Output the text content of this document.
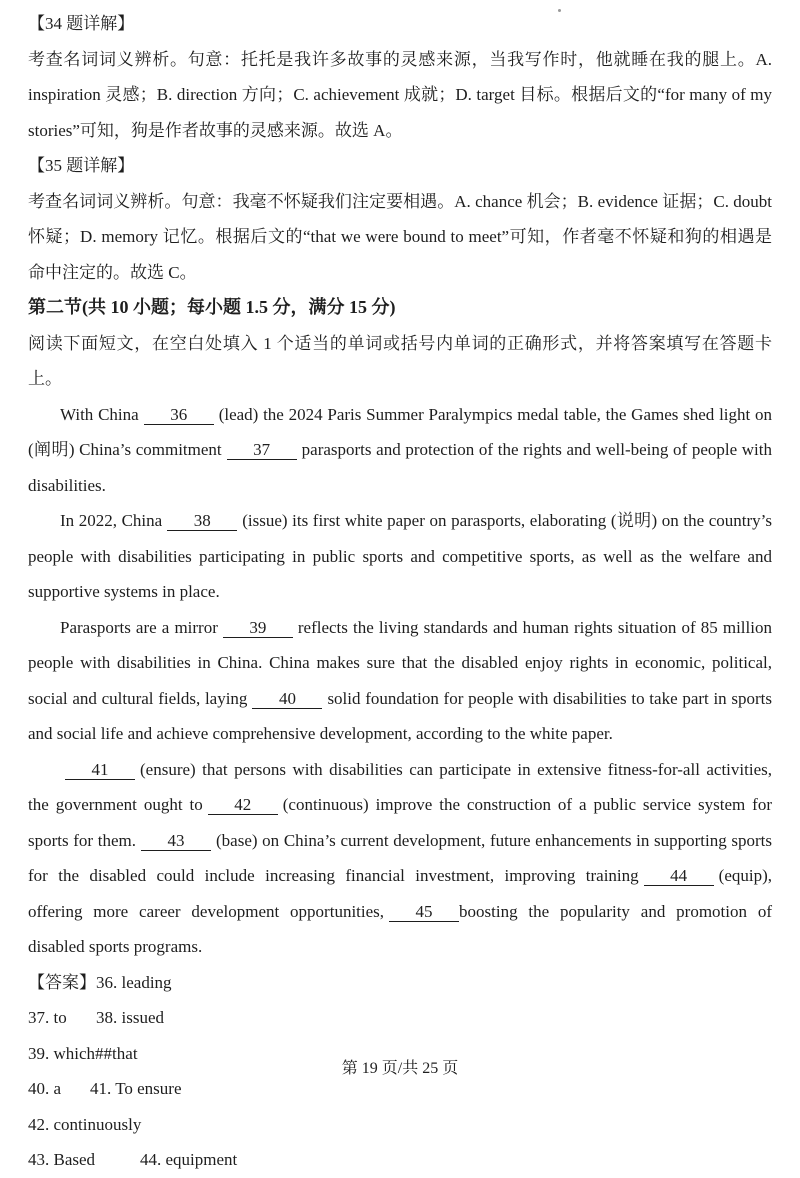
【34 题详解】

考查名词词义辨析。句意：托托是我许多故事的灵感来源，当我写作时，他就睡在我的腿上。A. inspiration 灵感；B. direction 方向；C. achievement 成就；D. target 目标。根据后文的“for many of my stories”可知，狗是作者故事的灵感来源。故选 A。

【35 题详解】

考查名词词义辨析。句意：我毫不怀疑我们注定要相遇。A. chance 机会；B. evidence 证据；C. doubt 怀疑；D. memory 记忆。根据后文的“that we were bound to meet”可知，作者毫不怀疑和狗的相遇是命中注定的。故选 C。

第二节(共 10 小题；每小题 1.5 分，满分 15 分)

阅读下面短文，在空白处填入 1 个适当的单词或括号内单词的正确形式，并将答案填写在答题卡上。

With China 36 (lead) the 2024 Paris Summer Paralympics medal table, the Games shed light on (阐明) China’s commitment 37 parasports and protection of the rights and well-being of people with disabilities.

In 2022, China 38 (issue) its first white paper on parasports, elaborating (说明) on the country’s people with disabilities participating in public sports and competitive sports, as well as the welfare and supportive systems in place.

Parasports are a mirror 39 reflects the living standards and human rights situation of 85 million people with disabilities in China. China makes sure that the disabled enjoy rights in economic, political, social and cultural fields, laying 40 solid foundation for people with disabilities to take part in sports and social life and achieve comprehensive development, according to the white paper.

41 (ensure) that persons with disabilities can participate in extensive fitness-for-all activities, the government ought to 42 (continuous) improve the construction of a public service system for sports for them. 43 (base) on China’s current development, future enhancements in supporting sports for the disabled could include increasing financial investment, improving training 44 (equip), offering more career development opportunities, 45 boosting the popularity and promotion of disabled sports programs.

【答案】36. leading

37. to 38. issued

39. which##that

40. a 41. To ensure

42. continuously

43. Based	44. equipment

第 19 页/共 25 页
